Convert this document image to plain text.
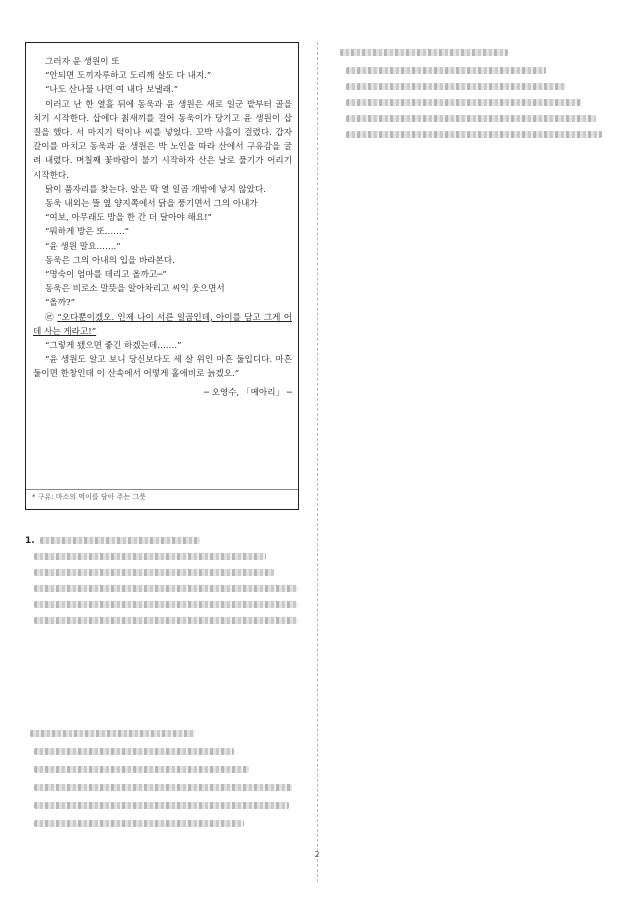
그러자 윤 생원이 또

“안되면 도끼자루하고 도리깨 살도 다 내지.”

“나도 산나물 나면 여 내다 보낼래.”

이러고 난 한 열흘 뒤에 동욱과 윤 생원은 새로 일군 밭부터 골을 치기 시작한다. 삽에다 칡새끼를 걸어 동욱이가 당기고 윤 생원이 삽질을 했다. 서 마지기 턱이나 씨를 넣었다. 꼬박 사흘이 걸렸다. 갑자갈이를 마치고 동욱과 윤 생원은 박 노인을 따라 산에서 구유감을 굴려 내렸다. 며칠째 꽃바람이 불기 시작하자 산은 날로 풀기가 어리기 시작한다.

닭이 품자리를 찾는다. 알은 딱 열 일곱 개밖에 낳지 않았다.

동욱 내외는 뜰 옆 양지쪽에서 닭을 풍기면서 그의 아내가

“여보, 아무래도 방을 한 간 더 달아야 해요!”

“뭐하게 방은 또…….”

“윤 생원 말요…….”

동욱은 그의 아내의 입을 바라본다.

“명숙이 엄마를 데리고 올까고─”

동욱은 비로소 말뜻을 알아차리고 씨익 웃으면서

“올까?”

㉣ “오다뿐이겠오. 인제 나이 서른 일곱인데, 아이를 담고 그게 어데 사는 게라고!”

“그렇게 됐으면 좋긴 하겠는데…….”

“윤 생원도 알고 보니 당신보다도 세 살 위인 마흔 둘입디다. 마흔 둘이면 한창인데 이 산속에서 어떻게 홀애비로 늙겠오.”

─ 오영수, 「메아리」 ─

* 구유: 마소의 먹이를 담아 주는 그릇
1.
2
